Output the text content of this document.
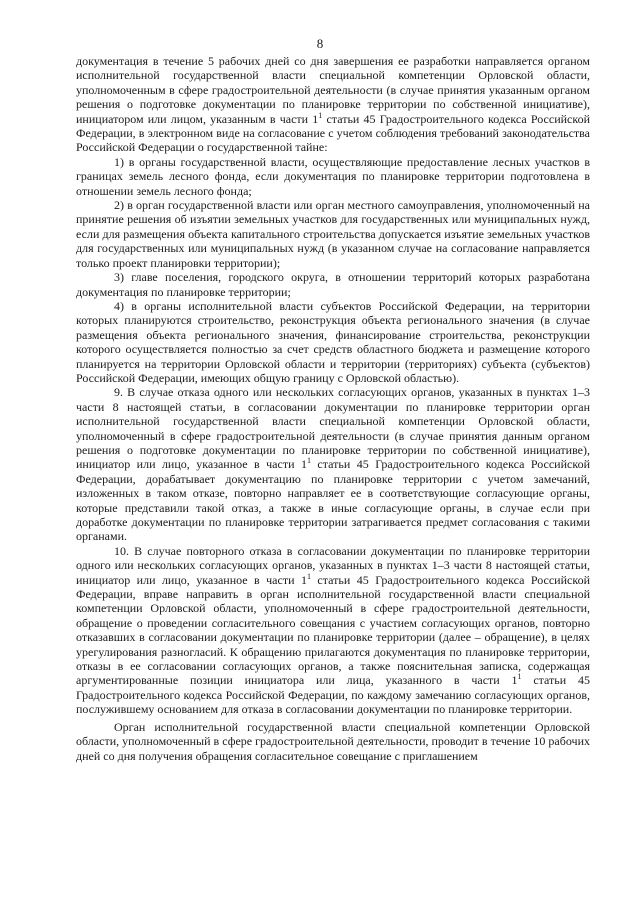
8

документация в течение 5 рабочих дней со дня завершения ее разработки направляется органом исполнительной государственной власти специальной компетенции Орловской области, уполномоченным в сфере градостроительной деятельности (в случае принятия указанным органом решения о подготовке документации по планировке территории по собственной инициативе), инициатором или лицом, указанным в части $1^1$ статьи 45 Градостроительного кодекса Российской Федерации, в электронном виде на согласование с учетом соблюдения требований законодательства Российской Федерации о государственной тайне:

1) в органы государственной власти, осуществляющие предоставление лесных участков в границах земель лесного фонда, если документация по планировке территории подготовлена в отношении земель лесного фонда;

2) в орган государственной власти или орган местного самоуправления, уполномоченный на принятие решения об изъятии земельных участков для государственных или муниципальных нужд, если для размещения объекта капитального строительства допускается изъятие земельных участков для государственных или муниципальных нужд (в указанном случае на согласование направляется только проект планировки территории);

3) главе поселения, городского округа, в отношении территорий которых разработана документация по планировке территории;

4) в органы исполнительной власти субъектов Российской Федерации, на территории которых планируются строительство, реконструкция объекта регионального значения (в случае размещения объекта регионального значения, финансирование строительства, реконструкции которого осуществляется полностью за счет средств областного бюджета и размещение которого планируется на территории Орловской области и территории (территориях) субъекта (субъектов) Российской Федерации, имеющих общую границу с Орловской областью).

9. В случае отказа одного или нескольких согласующих органов, указанных в пунктах 1–3 части 8 настоящей статьи, в согласовании документации по планировке территории орган исполнительной государственной власти специальной компетенции Орловской области, уполномоченный в сфере градостроительной деятельности (в случае принятия данным органом решения о подготовке документации по планировке территории по собственной инициативе), инициатор или лицо, указанное в части $1^1$ статьи 45 Градостроительного кодекса Российской Федерации, дорабатывает документацию по планировке территории с учетом замечаний, изложенных в таком отказе, повторно направляет ее в соответствующие согласующие органы, которые представили такой отказ, а также в иные согласующие органы, в случае если при доработке документации по планировке территории затрагивается предмет согласования с такими органами.

10. В случае повторного отказа в согласовании документации по планировке территории одного или нескольких согласующих органов, указанных в пунктах 1–3 части 8 настоящей статьи, инициатор или лицо, указанное в части $1^1$ статьи 45 Градостроительного кодекса Российской Федерации, вправе направить в орган исполнительной государственной власти специальной компетенции Орловской области, уполномоченный в сфере градостроительной деятельности, обращение о проведении согласительного совещания с участием согласующих органов, повторно отказавших в согласовании документации по планировке территории (далее – обращение), в целях урегулирования разногласий. К обращению прилагаются документация по планировке территории, отказы в ее согласовании согласующих органов, а также пояснительная записка, содержащая аргументированные позиции инициатора или лица, указанного в части $1^1$ статьи 45 Градостроительного кодекса Российской Федерации, по каждому замечанию согласующих органов, послужившему основанием для отказа в согласовании документации по планировке территории.

Орган исполнительной государственной власти специальной компетенции Орловской области, уполномоченный в сфере градостроительной деятельности, проводит в течение 10 рабочих дней со дня получения обращения согласительное совещание с приглашением
